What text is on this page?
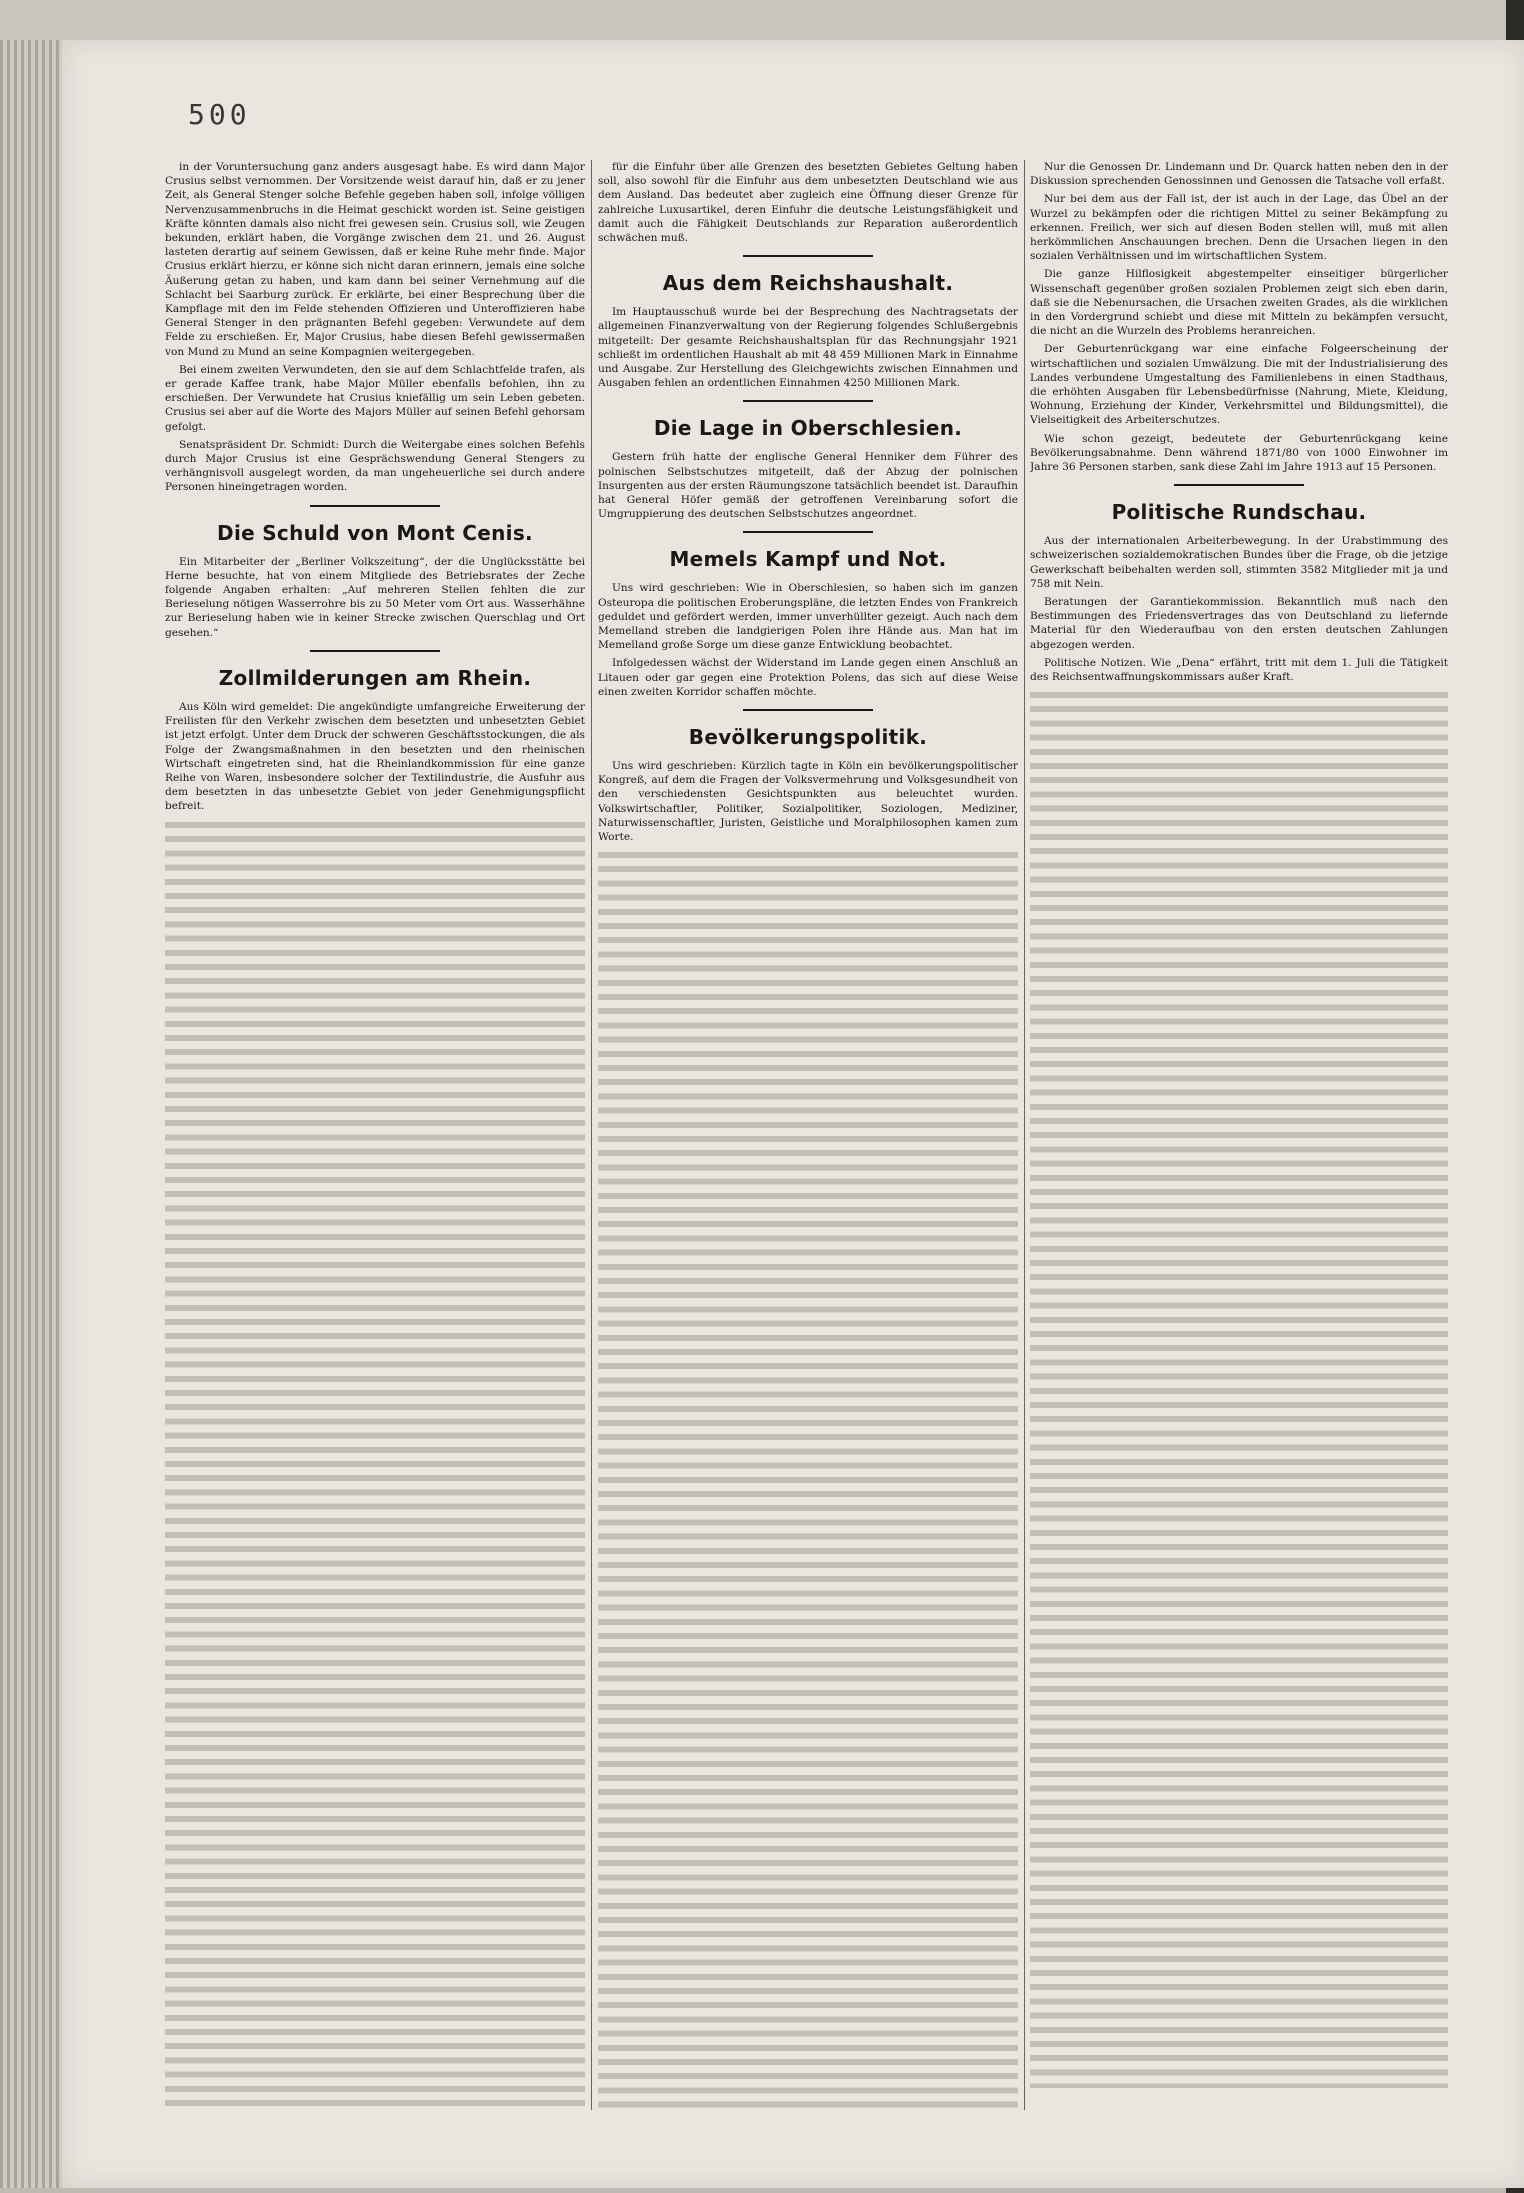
500

in der Voruntersuchung ganz anders ausgesagt habe. Es wird dann Major Crusius selbst vernommen. Der Vorsitzende weist darauf hin, daß er zu jener Zeit, als General Stenger solche Befehle gegeben haben soll, infolge völligen Nervenzusammenbruchs in die Heimat geschickt worden ist. Seine geistigen Kräfte könnten damals also nicht frei gewesen sein. Crusius soll, wie Zeugen bekunden, erklärt haben, die Vorgänge zwischen dem 21. und 26. August lasteten derartig auf seinem Gewissen, daß er keine Ruhe mehr finde. Major Crusius erklärt hierzu, er könne sich nicht daran erinnern, jemals eine solche Äußerung getan zu haben, und kam dann bei seiner Vernehmung auf die Schlacht bei Saarburg zurück. Er erklärte, bei einer Besprechung über die Kampflage mit den im Felde stehenden Offizieren und Unteroffizieren habe General Stenger in den prägnanten Befehl gegeben: Verwundete auf dem Felde zu erschießen. Er, Major Crusius, habe diesen Befehl gewissermaßen von Mund zu Mund an seine Kompagnien weitergegeben.

Bei einem zweiten Verwundeten, den sie auf dem Schlachtfelde trafen, als er gerade Kaffee trank, habe Major Müller ebenfalls befohlen, ihn zu erschießen. Der Verwundete hat Crusius kniefällig um sein Leben gebeten. Crusius sei aber auf die Worte des Majors Müller auf seinen Befehl gehorsam gefolgt.

Senatspräsident Dr. Schmidt: Durch die Weitergabe eines solchen Befehls durch Major Crusius ist eine Gesprächswendung General Stengers zu verhängnisvoll ausgelegt worden, da man ungeheuerliche sei durch andere Personen hineingetragen worden.

Die Schuld von Mont Cenis.

Ein Mitarbeiter der „Berliner Volkszeitung“, der die Unglücksstätte bei Herne besuchte, hat von einem Mitgliede des Betriebsrates der Zeche folgende Angaben erhalten: „Auf mehreren Stellen fehlten die zur Berieselung nötigen Wasserrohre bis zu 50 Meter vom Ort aus. Wasserhähne zur Berieselung haben wie in keiner Strecke zwischen Querschlag und Ort gesehen.“

Zollmilderungen am Rhein.

Aus Köln wird gemeldet: Die angekündigte umfangreiche Erweiterung der Freilisten für den Verkehr zwischen dem besetzten und unbesetzten Gebiet ist jetzt erfolgt. Unter dem Druck der schweren Geschäftsstockungen, die als Folge der Zwangsmaßnahmen in den besetzten und den rheinischen Wirtschaft eingetreten sind, hat die Rheinlandkommission für eine ganze Reihe von Waren, insbesondere solcher der Textilindustrie, die Ausfuhr aus dem besetzten in das unbesetzte Gebiet von jeder Genehmigungspflicht befreit.

für die Einfuhr über alle Grenzen des besetzten Gebietes Geltung haben soll, also sowohl für die Einfuhr aus dem unbesetzten Deutschland wie aus dem Ausland. Das bedeutet aber zugleich eine Öffnung dieser Grenze für zahlreiche Luxusartikel, deren Einfuhr die deutsche Leistungsfähigkeit und damit auch die Fähigkeit Deutschlands zur Reparation außerordentlich schwächen muß.

Aus dem Reichshaushalt.

Im Hauptausschuß wurde bei der Besprechung des Nachtragsetats der allgemeinen Finanzverwaltung von der Regierung folgendes Schlußergebnis mitgeteilt: Der gesamte Reichshaushaltsplan für das Rechnungsjahr 1921 schließt im ordentlichen Haushalt ab mit 48 459 Millionen Mark in Einnahme und Ausgabe. Zur Herstellung des Gleichgewichts zwischen Einnahmen und Ausgaben fehlen an ordentlichen Einnahmen 4250 Millionen Mark.

Die Lage in Oberschlesien.

Gestern früh hatte der englische General Henniker dem Führer des polnischen Selbstschutzes mitgeteilt, daß der Abzug der polnischen Insurgenten aus der ersten Räumungszone tatsächlich beendet ist. Daraufhin hat General Höfer gemäß der getroffenen Vereinbarung sofort die Umgruppierung des deutschen Selbstschutzes angeordnet.

Memels Kampf und Not.

Uns wird geschrieben: Wie in Oberschlesien, so haben sich im ganzen Osteuropa die politischen Eroberungspläne, die letzten Endes von Frankreich geduldet und gefördert werden, immer unverhüllter gezeigt. Auch nach dem Memelland streben die landgierigen Polen ihre Hände aus. Man hat im Memelland große Sorge um diese ganze Entwicklung beobachtet.

Infolgedessen wächst der Widerstand im Lande gegen einen Anschluß an Litauen oder gar gegen eine Protektion Polens, das sich auf diese Weise einen zweiten Korridor schaffen möchte.

Bevölkerungspolitik.

Uns wird geschrieben: Kürzlich tagte in Köln ein bevölkerungspolitischer Kongreß, auf dem die Fragen der Volksvermehrung und Volksgesundheit von den verschiedensten Gesichtspunkten aus beleuchtet wurden. Volkswirtschaftler, Politiker, Sozialpolitiker, Soziologen, Mediziner, Naturwissenschaftler, Juristen, Geistliche und Moralphilosophen kamen zum Worte.

Nur die Genossen Dr. Lindemann und Dr. Quarck hatten neben den in der Diskussion sprechenden Genossinnen und Genossen die Tatsache voll erfaßt.

Nur bei dem aus der Fall ist, der ist auch in der Lage, das Übel an der Wurzel zu bekämpfen oder die richtigen Mittel zu seiner Bekämpfung zu erkennen. Freilich, wer sich auf diesen Boden stellen will, muß mit allen herkömmlichen Anschauungen brechen. Denn die Ursachen liegen in den sozialen Verhältnissen und im wirtschaftlichen System.

Die ganze Hilflosigkeit abgestempelter einseitiger bürgerlicher Wissenschaft gegenüber großen sozialen Problemen zeigt sich eben darin, daß sie die Nebenursachen, die Ursachen zweiten Grades, als die wirklichen in den Vordergrund schiebt und diese mit Mitteln zu bekämpfen versucht, die nicht an die Wurzeln des Problems heranreichen.

Der Geburtenrückgang war eine einfache Folgeerscheinung der wirtschaftlichen und sozialen Umwälzung. Die mit der Industrialisierung des Landes verbundene Umgestaltung des Familienlebens in einen Stadthaus, die erhöhten Ausgaben für Lebensbedürfnisse (Nahrung, Miete, Kleidung, Wohnung, Erziehung der Kinder, Verkehrsmittel und Bildungsmittel), die Vielseitigkeit des Arbeiterschutzes.

Wie schon gezeigt, bedeutete der Geburtenrückgang keine Bevölkerungsabnahme. Denn während 1871/80 von 1000 Einwohner im Jahre 36 Personen starben, sank diese Zahl im Jahre 1913 auf 15 Personen.

Politische Rundschau.

Aus der internationalen Arbeiterbewegung. In der Urabstimmung des schweizerischen sozialdemokratischen Bundes über die Frage, ob die jetzige Gewerkschaft beibehalten werden soll, stimmten 3582 Mitglieder mit ja und 758 mit Nein.

Beratungen der Garantiekommission. Bekanntlich muß nach den Bestimmungen des Friedensvertrages das von Deutschland zu liefernde Material für den Wiederaufbau von den ersten deutschen Zahlungen abgezogen werden.

Politische Notizen. Wie „Dena“ erfährt, tritt mit dem 1. Juli die Tätigkeit des Reichsentwaffnungskommissars außer Kraft.
